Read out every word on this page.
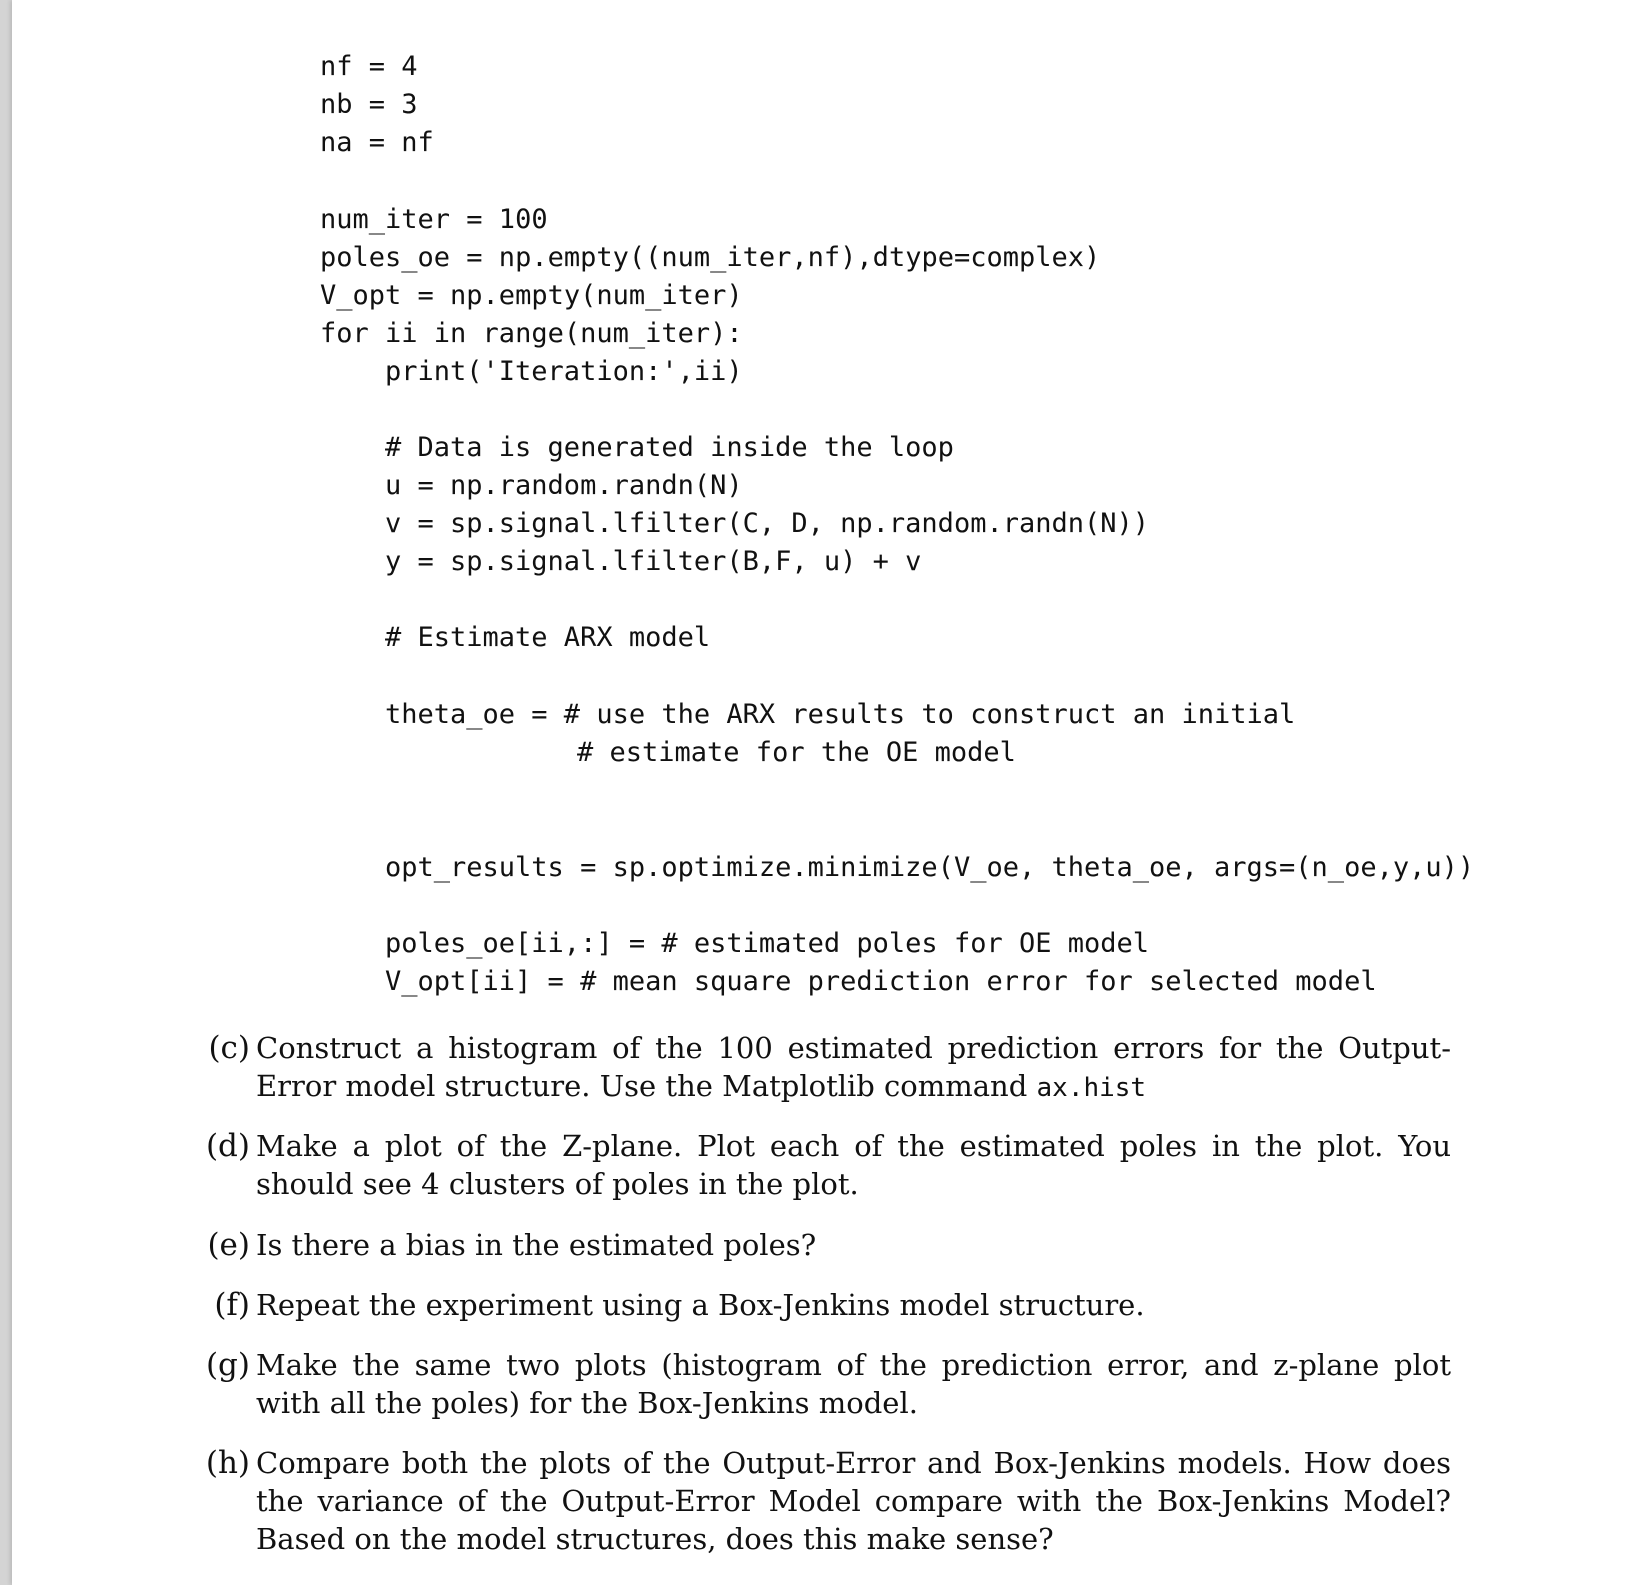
nf = 4
nb = 3
na = nf
num_iter = 100
poles_oe = np.empty((num_iter,nf),dtype=complex)
V_opt = np.empty(num_iter)
for ii in range(num_iter):
print('Iteration:',ii)
# Data is generated inside the loop
u = np.random.randn(N)
v = sp.signal.lfilter(C, D, np.random.randn(N))
y = sp.signal.lfilter(B,F, u) + v
# Estimate ARX model
theta_oe = # use the ARX results to construct an initial
# estimate for the OE model
opt_results = sp.optimize.minimize(V_oe, theta_oe, args=(n_oe,y,u))
poles_oe[ii,:] = # estimated poles for OE model
V_opt[ii] = # mean square prediction error for selected model
(c) Construct a histogram of the 100 estimated prediction errors for the Output-Error model structure. Use the Matplotlib command ax.hist
(d) Make a plot of the Z-plane. Plot each of the estimated poles in the plot. You should see 4 clusters of poles in the plot.
(e) Is there a bias in the estimated poles?
(f) Repeat the experiment using a Box-Jenkins model structure.
(g) Make the same two plots (histogram of the prediction error, and z-plane plot with all the poles) for the Box-Jenkins model.
(h) Compare both the plots of the Output-Error and Box-Jenkins models. How does the variance of the Output-Error Model compare with the Box-Jenkins Model? Based on the model structures, does this make sense?
